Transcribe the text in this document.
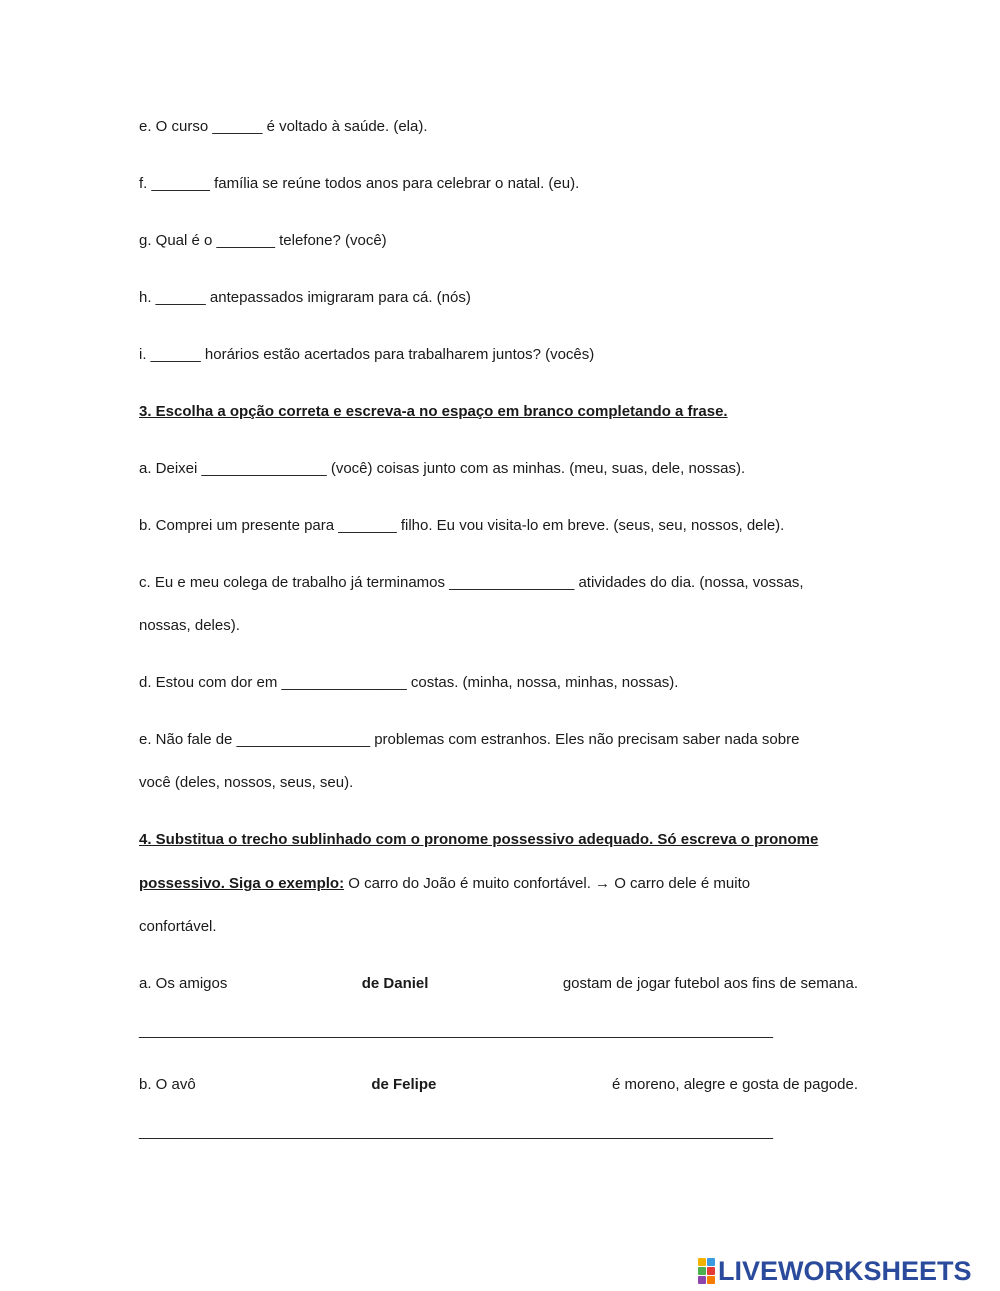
e. O curso ______ é voltado à saúde. (ela).
f. _______ família se reúne todos anos para celebrar o natal. (eu).
g. Qual é o _______ telefone? (você)
h. ______ antepassados imigraram para cá. (nós)
i. ______ horários estão acertados para trabalharem juntos? (vocês)
3. Escolha a opção correta e escreva-a no espaço em branco completando a frase.
a. Deixei _______________ (você) coisas junto com as minhas. (meu, suas, dele, nossas).
b. Comprei um presente para _______ filho. Eu vou visita-lo em breve. (seus, seu, nossos, dele).
c. Eu e meu colega de trabalho já terminamos _______________ atividades do dia. (nossa, vossas,
nossas, deles).
d. Estou com dor em _______________ costas. (minha, nossa, minhas, nossas).
e. Não fale de ________________ problemas com estranhos. Eles não precisam saber nada sobre
você (deles, nossos, seus, seu).
4. Substitua o trecho sublinhado com o pronome possessivo adequado. Só escreva o pronome
possessivo. Siga o exemplo: O carro do João é muito confortável. → O carro dele é muito
confortável.
a. Os amigos	de Daniel	gostam de jogar futebol aos fins de semana.
____________________________________________________________________________
b. O avô	de Felipe	é moreno, alegre e gosta de pagode.
____________________________________________________________________________
LIVEWORKSHEETS
